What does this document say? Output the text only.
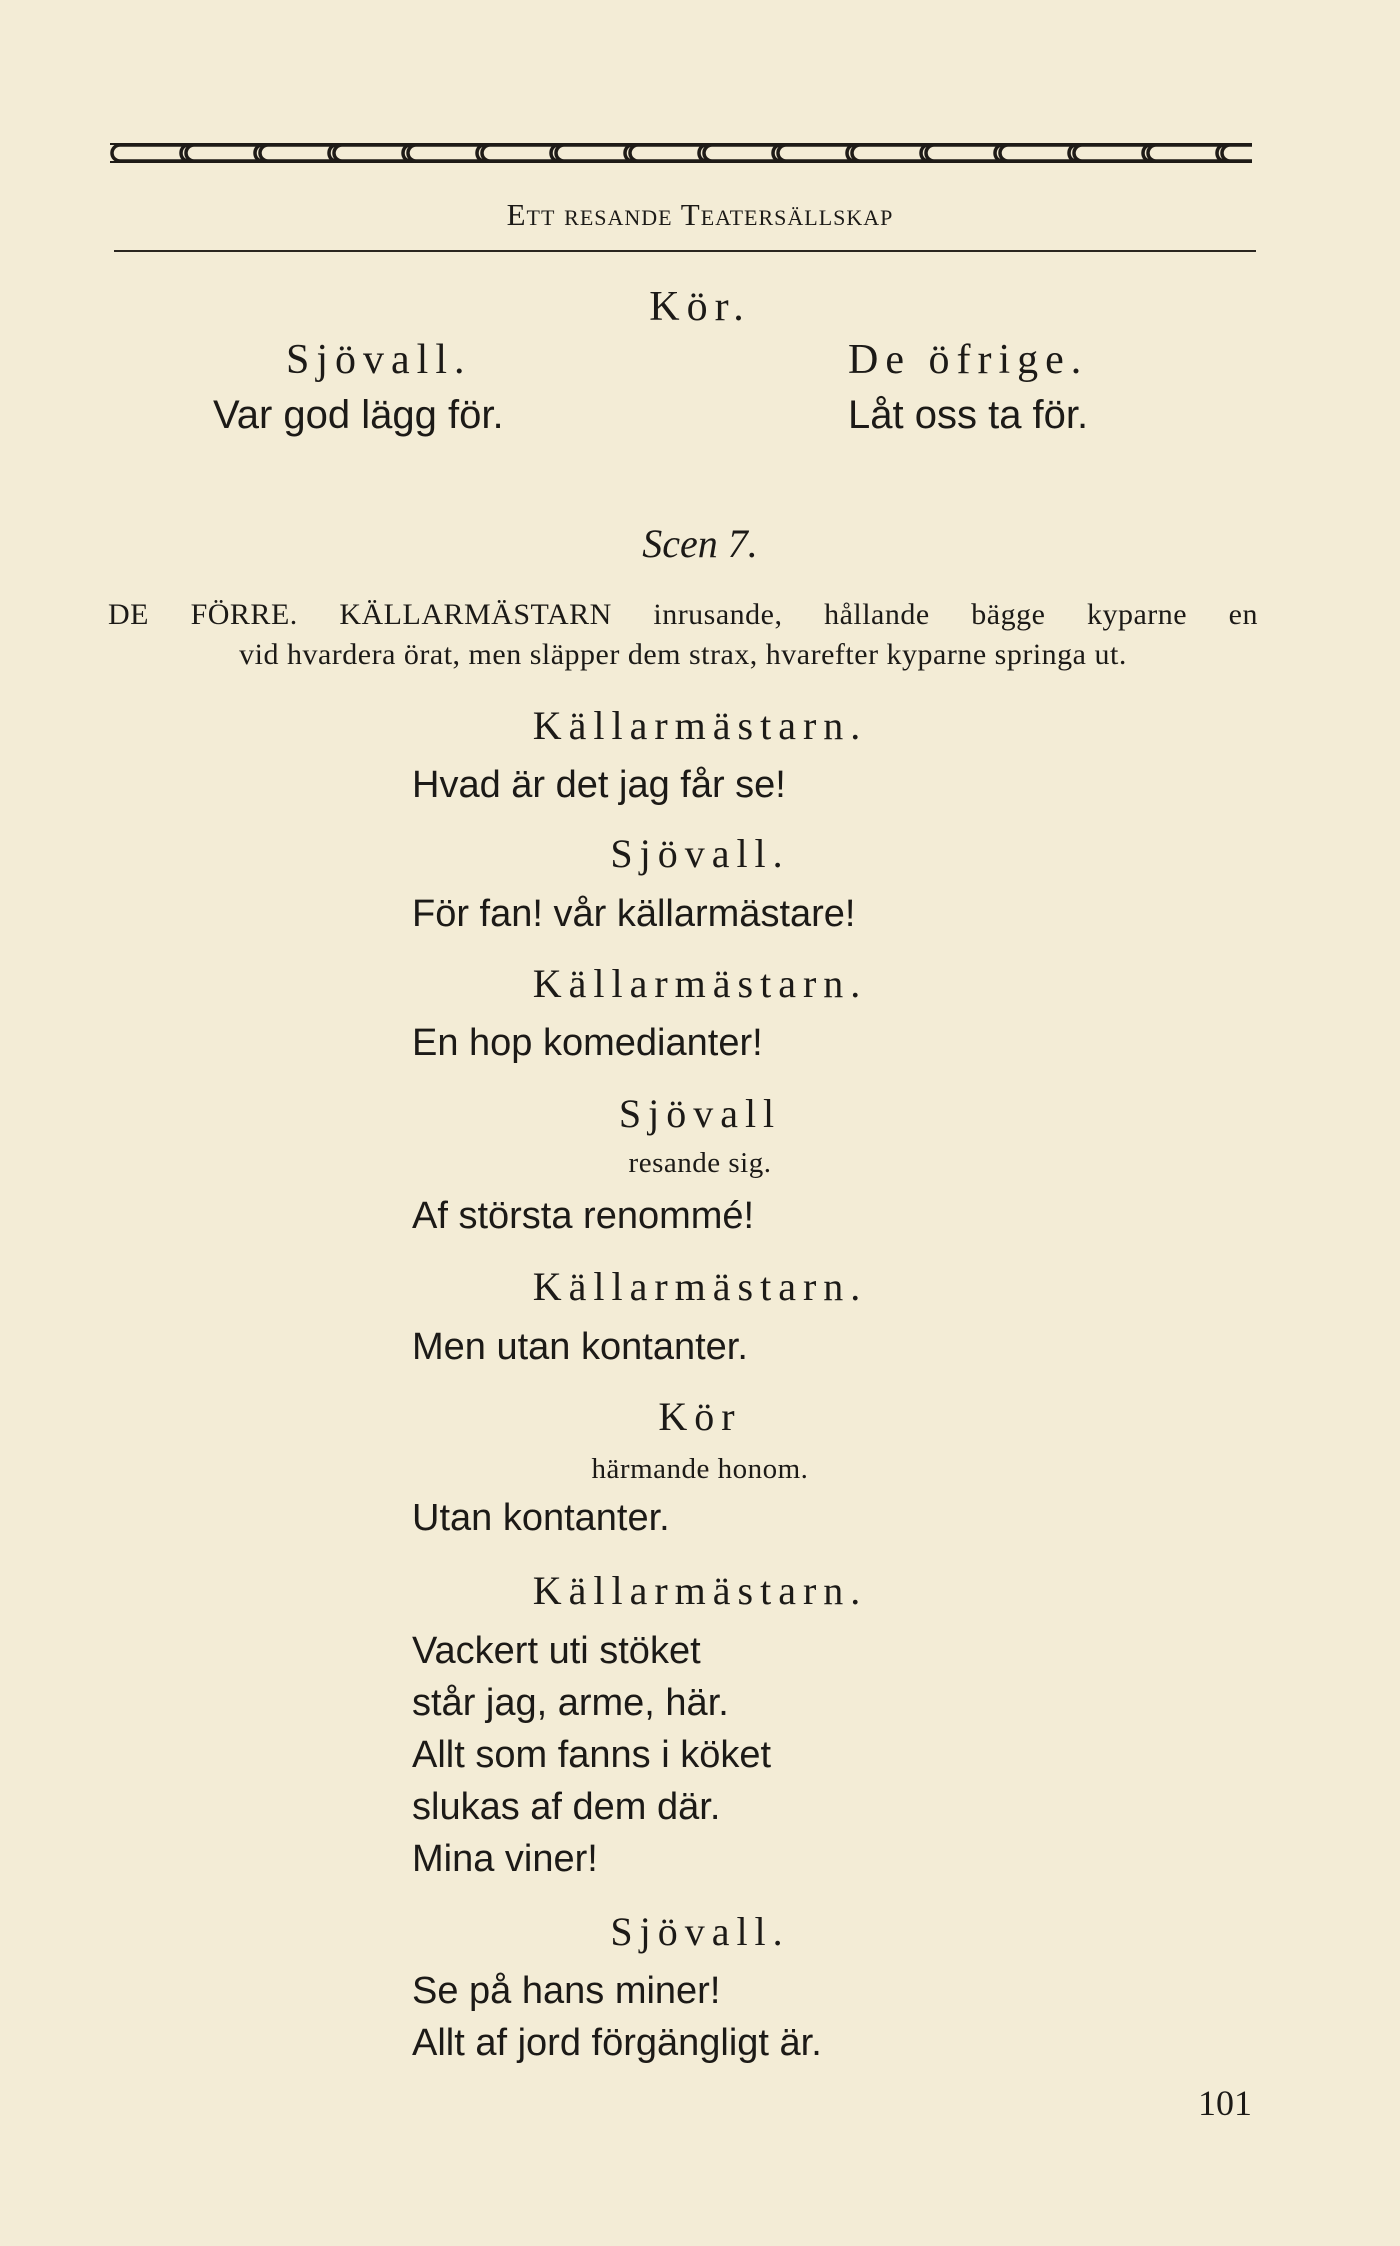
Ett resande Teatersällskap
Kör.
Sjövall.
Var god lägg för.
De öfrige.
Låt oss ta för.
Scen 7.
DE FÖRRE. KÄLLARMÄSTARN inrusande, hållande bägge kyparne en
vid hvardera örat, men släpper dem strax, hvarefter kyparne springa ut.
Källarmästarn.
Hvad är det jag får se!
Sjövall.
För fan! vår källarmästare!
Källarmästarn.
En hop komedianter!
Sjövall
resande sig.
Af största renommé!
Källarmästarn.
Men utan kontanter.
Kör
härmande honom.
Utan kontanter.
Källarmästarn.
Vackert uti stöket
står jag, arme, här.
Allt som fanns i köket
slukas af dem där.
Mina viner!
Sjövall.
Se på hans miner!
Allt af jord förgängligt är.
101
